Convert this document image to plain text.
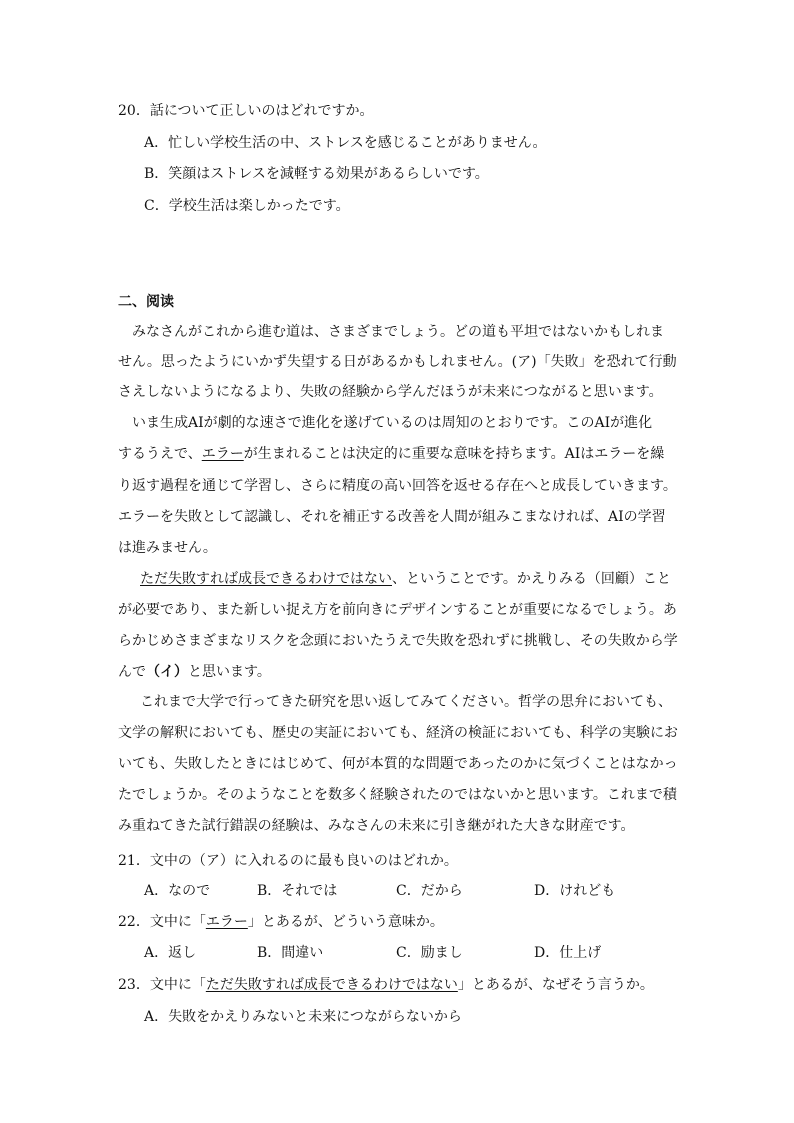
20．話について正しいのはどれですか。
A．忙しい学校生活の中、ストレスを感じることがありません。
B．笑顔はストレスを減軽する効果があるらしいです。
C．学校生活は楽しかったです。
二、阅读
みなさんがこれから進む道は、さまざまでしょう。どの道も平坦ではないかもしれま
せん。思ったようにいかず失望する日があるかもしれません。(ア)「失敗」を恐れて行動
さえしないようになるより、失敗の経験から学んだほうが未来につながると思います。
いま生成AIが劇的な速さで進化を遂げているのは周知のとおりです。このAIが進化
するうえで、エラーが生まれることは決定的に重要な意味を持ちます。AIはエラーを繰
り返す過程を通じて学習し、さらに精度の高い回答を返せる存在へと成長していきます。
エラーを失敗として認識し、それを補正する改善を人間が組みこまなければ、AIの学習
は進みません。
ただ失敗すれば成長できるわけではない、ということです。かえりみる（回顧）こと
が必要であり、また新しい捉え方を前向きにデザインすることが重要になるでしょう。あ
らかじめさまざまなリスクを念頭においたうえで失敗を恐れずに挑戦し、その失敗から学
んで（イ）と思います。
これまで大学で行ってきた研究を思い返してみてください。哲学の思弁においても、
文学の解釈においても、歴史の実証においても、経済の検証においても、科学の実験にお
いても、失敗したときにはじめて、何が本質的な問題であったのかに気づくことはなかっ
たでしょうか。そのようなことを数多く経験されたのではないかと思います。これまで積
み重ねてきた試行錯誤の経験は、みなさんの未来に引き継がれた大きな財産です。
21．文中の（ア）に入れるのに最も良いのはどれか。
A．なので	B．それでは	C．だから	D．けれども
22．文中に「エラー」とあるが、どういう意味か。
A．返し	B．間違い	C．励まし	D．仕上げ
23．文中に「ただ失敗すれば成長できるわけではない」とあるが、なぜそう言うか。
A．失敗をかえりみないと未来につながらないから
